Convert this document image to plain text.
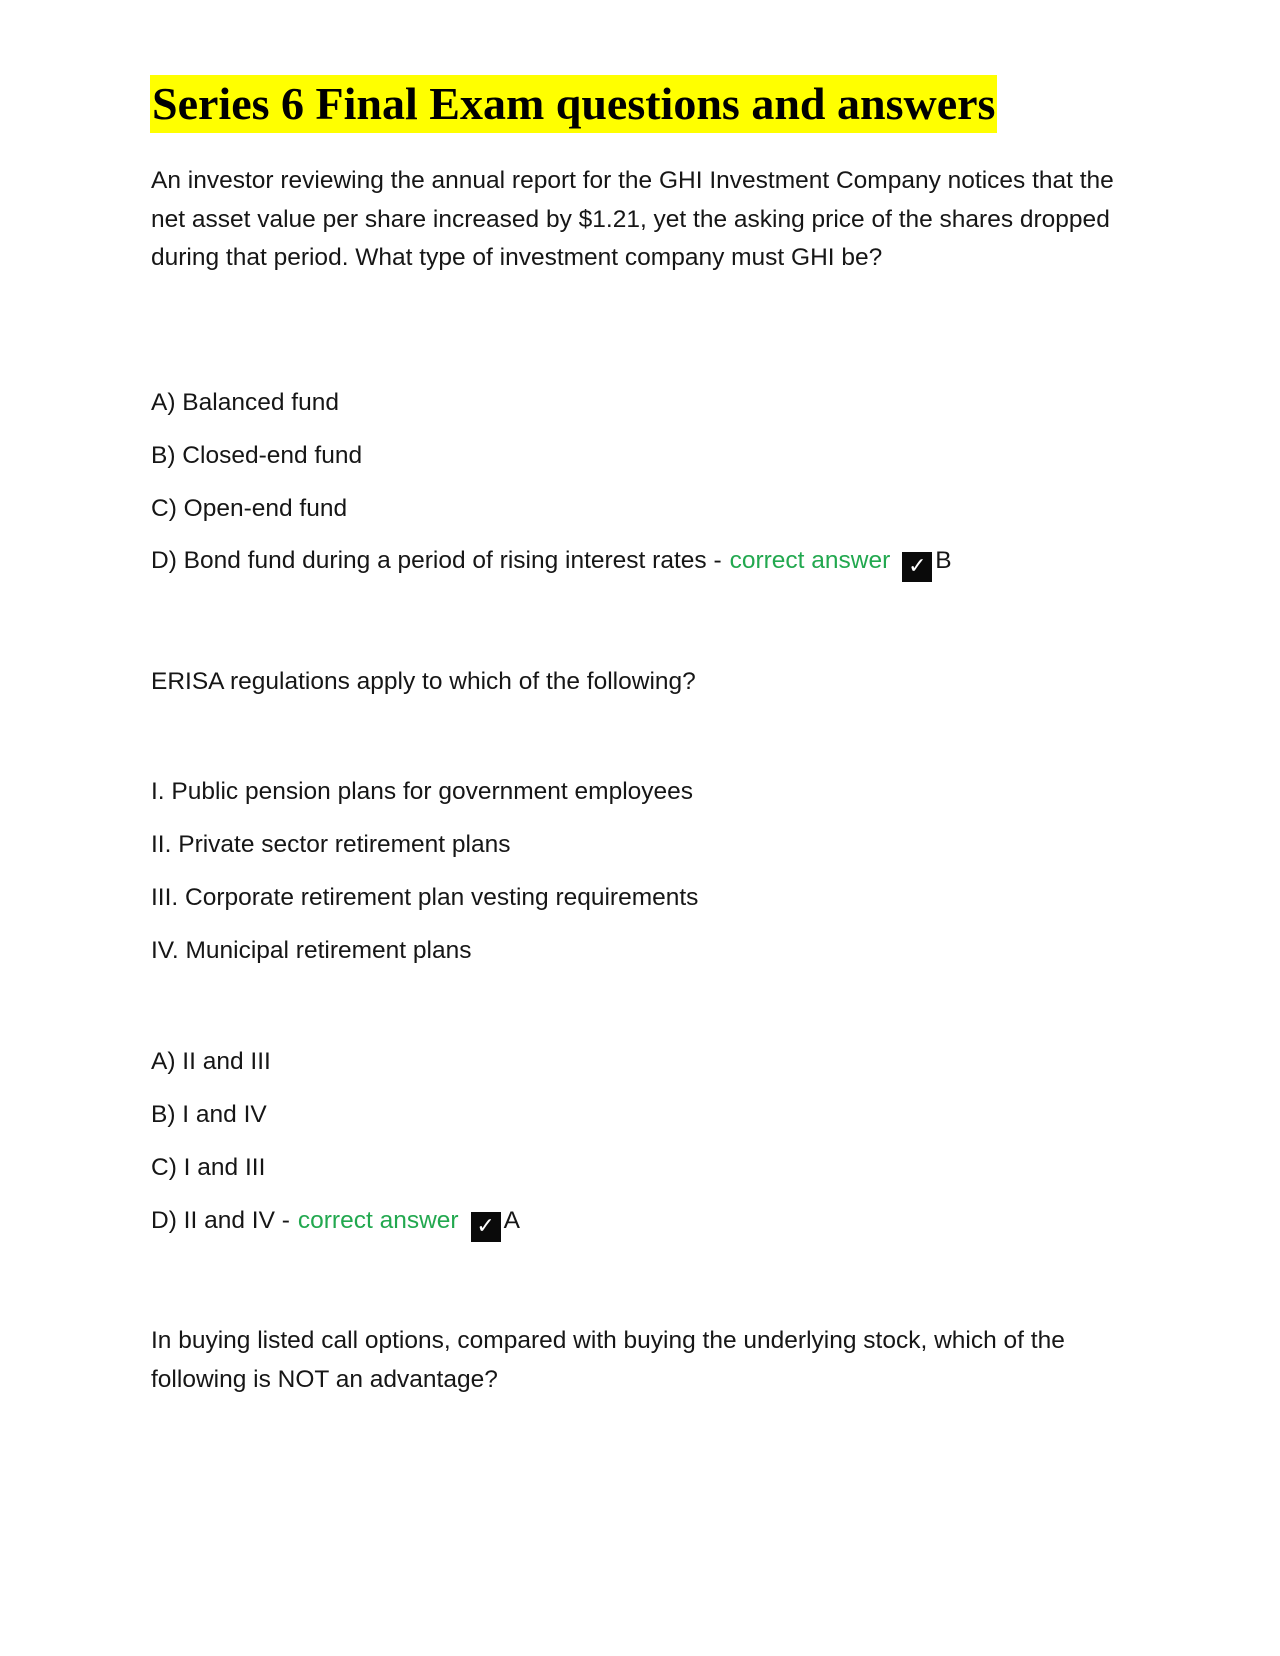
Series 6 Final Exam questions and answers
An investor reviewing the annual report for the GHI Investment Company notices that the net asset value per share increased by $1.21, yet the asking price of the shares dropped during that period. What type of investment company must GHI be?
A) Balanced fund
B) Closed-end fund
C) Open-end fund
D) Bond fund during a period of rising interest rates - correct answer ✓ B
ERISA regulations apply to which of the following?
I. Public pension plans for government employees
II. Private sector retirement plans
III. Corporate retirement plan vesting requirements
IV. Municipal retirement plans
A) II and III
B) I and IV
C) I and III
D) II and IV - correct answer ✓ A
In buying listed call options, compared with buying the underlying stock, which of the following is NOT an advantage?
